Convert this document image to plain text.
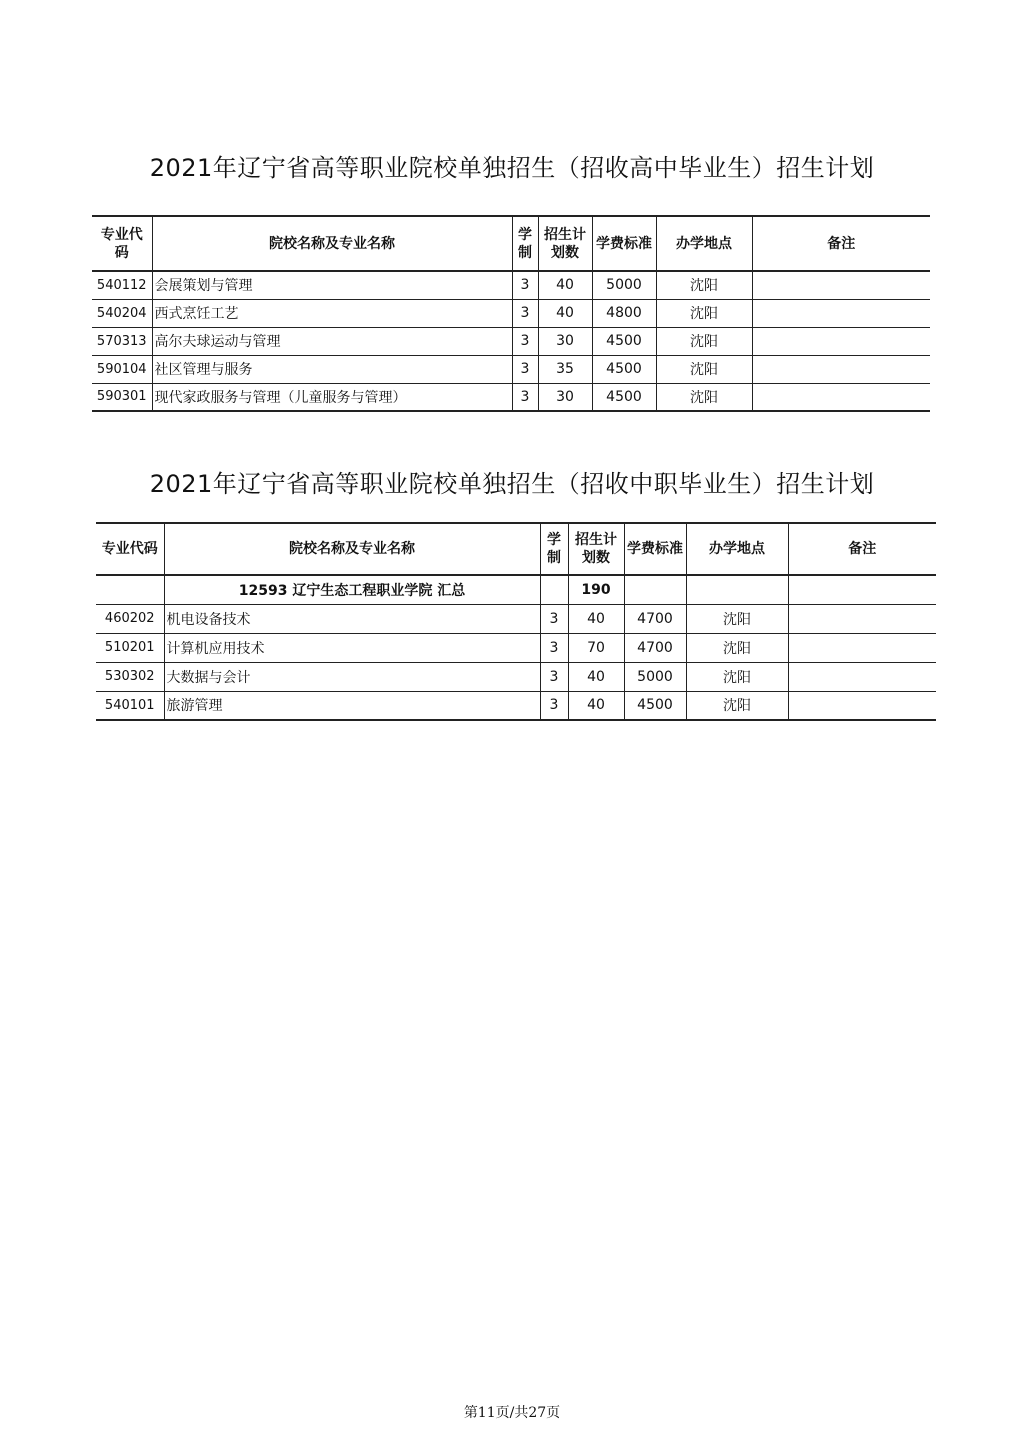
2021年辽宁省高等职业院校单独招生（招收高中毕业生）招生计划
专业代码	院校名称及专业名称	学制	招生计划数	学费标准	办学地点	备注
540112	会展策划与管理	3	40	5000	沈阳	
540204	西式烹饪工艺	3	40	4800	沈阳	
570313	高尔夫球运动与管理	3	30	4500	沈阳	
590104	社区管理与服务	3	35	4500	沈阳	
590301	现代家政服务与管理（儿童服务与管理）	3	30	4500	沈阳	
2021年辽宁省高等职业院校单独招生（招收中职毕业生）招生计划
专业代码	院校名称及专业名称	学制	招生计划数	学费标准	办学地点	备注
	12593 辽宁生态工程职业学院 汇总		190			
460202	机电设备技术	3	40	4700	沈阳	
510201	计算机应用技术	3	70	4700	沈阳	
530302	大数据与会计	3	40	5000	沈阳	
540101	旅游管理	3	40	4500	沈阳	
第11页/共27页
